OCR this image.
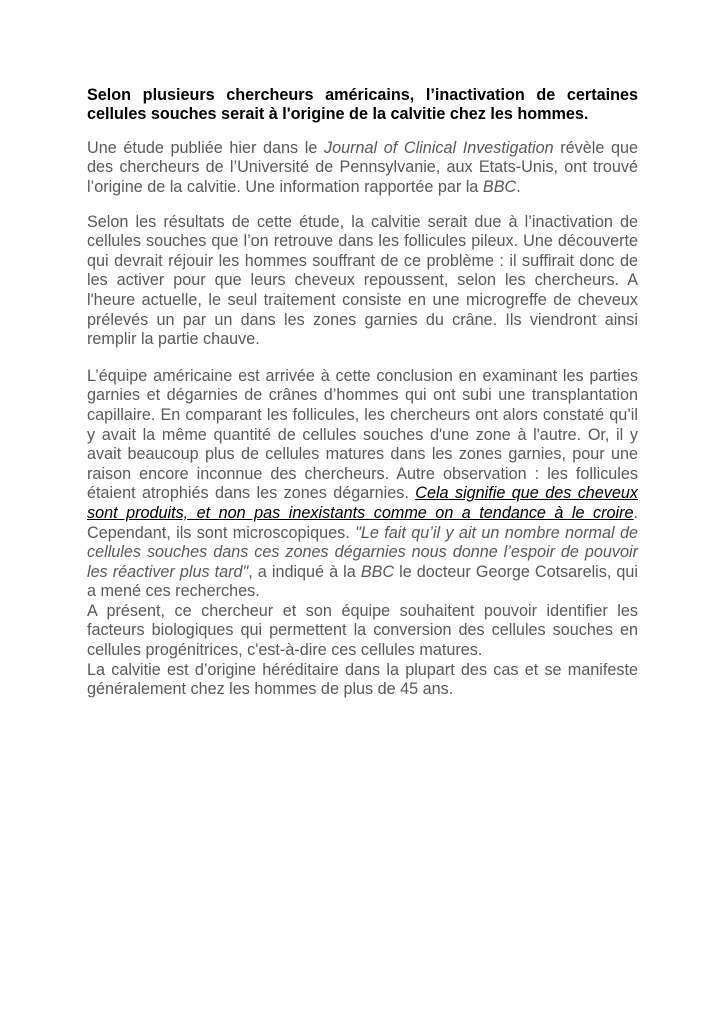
Selon plusieurs chercheurs américains, l’inactivation de certaines cellules souches serait à l'origine de la calvitie chez les hommes.

Une étude publiée hier dans le Journal of Clinical Investigation révèle que des chercheurs de l’Université de Pennsylvanie, aux Etats-Unis, ont trouvé l’origine de la calvitie. Une information rapportée par la BBC.

Selon les résultats de cette étude, la calvitie serait due à l’inactivation de cellules souches que l’on retrouve dans les follicules pileux. Une découverte qui devrait réjouir les hommes souffrant de ce problème : il suffirait donc de les activer pour que leurs cheveux repoussent, selon les chercheurs. A l'heure actuelle, le seul traitement consiste en une microgreffe de cheveux prélevés un par un dans les zones garnies du crâne. Ils viendront ainsi remplir la partie chauve.

L’équipe américaine est arrivée à cette conclusion en examinant les parties garnies et dégarnies de crânes d’hommes qui ont subi une transplantation capillaire. En comparant les follicules, les chercheurs ont alors constaté qu’il y avait la même quantité de cellules souches d'une zone à l'autre. Or, il y avait beaucoup plus de cellules matures dans les zones garnies, pour une raison encore inconnue des chercheurs. Autre observation : les follicules étaient atrophiés dans les zones dégarnies. Cela signifie que des cheveux sont produits, et non pas inexistants comme on a tendance à le croire. Cependant, ils sont microscopiques. "Le fait qu’il y ait un nombre normal de cellules souches dans ces zones dégarnies nous donne l’espoir de pouvoir les réactiver plus tard", a indiqué à la BBC le docteur George Cotsarelis, qui a mené ces recherches.

A présent, ce chercheur et son équipe souhaitent pouvoir identifier les facteurs biologiques qui permettent la conversion des cellules souches en cellules progénitrices, c'est-à-dire ces cellules matures.

La calvitie est d’origine héréditaire dans la plupart des cas et se manifeste généralement chez les hommes de plus de 45 ans.
